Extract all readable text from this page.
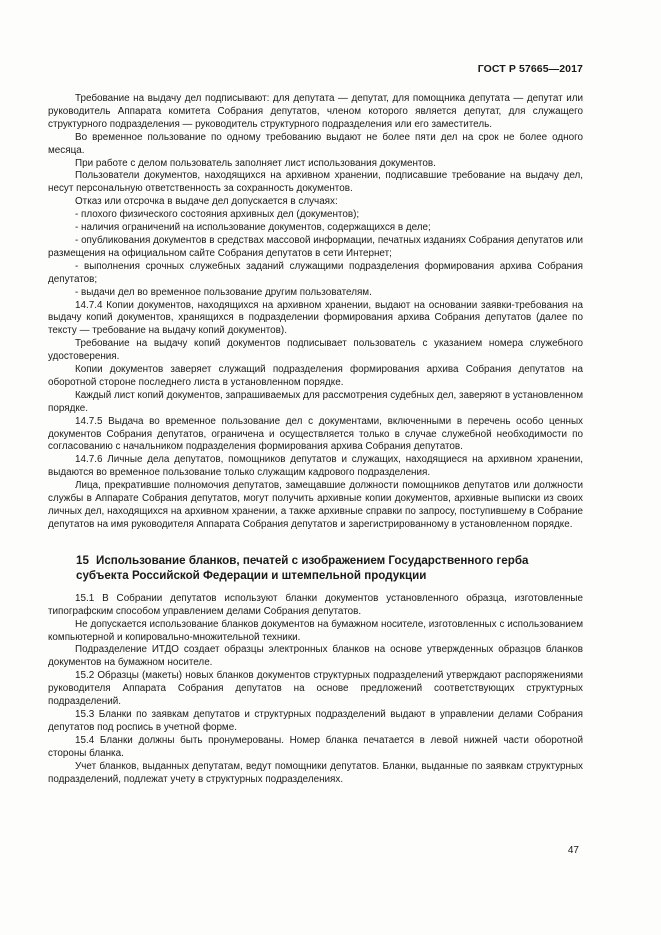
ГОСТ Р 57665—2017

Требование на выдачу дел подписывают: для депутата — депутат, для помощника депутата — депутат или руководитель Аппарата комитета Собрания депутатов, членом которого является депутат, для служащего структурного подразделения — руководитель структурного подразделения или его заместитель.

Во временное пользование по одному требованию выдают не более пяти дел на срок не более одного месяца.

При работе с делом пользователь заполняет лист использования документов.

Пользователи документов, находящихся на архивном хранении, подписавшие требование на выдачу дел, несут персональную ответственность за сохранность документов.

Отказ или отсрочка в выдаче дел допускается в случаях:

- плохого физического состояния архивных дел (документов);

- наличия ограничений на использование документов, содержащихся в деле;

- опубликования документов в средствах массовой информации, печатных изданиях Собрания депутатов или размещения на официальном сайте Собрания депутатов в сети Интернет;

- выполнения срочных служебных заданий служащими подразделения формирования архива Собрания депутатов;

- выдачи дел во временное пользование другим пользователям.

14.7.4 Копии документов, находящихся на архивном хранении, выдают на основании заявки-требования на выдачу копий документов, хранящихся в подразделении формирования архива Собрания депутатов (далее по тексту — требование на выдачу копий документов).

Требование на выдачу копий документов подписывает пользователь с указанием номера служебного удостоверения.

Копии документов заверяет служащий подразделения формирования архива Собрания депутатов на оборотной стороне последнего листа в установленном порядке.

Каждый лист копий документов, запрашиваемых для рассмотрения судебных дел, заверяют в установленном порядке.

14.7.5 Выдача во временное пользование дел с документами, включенными в перечень особо ценных документов Собрания депутатов, ограничена и осуществляется только в случае служебной необходимости по согласованию с начальником подразделения формирования архива Собрания депутатов.

14.7.6 Личные дела депутатов, помощников депутатов и служащих, находящиеся на архивном хранении, выдаются во временное пользование только служащим кадрового подразделения.

Лица, прекратившие полномочия депутатов, замещавшие должности помощников депутатов или должности службы в Аппарате Собрания депутатов, могут получить архивные копии документов, архивные выписки из своих личных дел, находящихся на архивном хранении, а также архивные справки по запросу, поступившему в Собрание депутатов на имя руководителя Аппарата Собрания депутатов и зарегистрированному в установленном порядке.

15 Использование бланков, печатей с изображением Государственного герба субъекта Российской Федерации и штемпельной продукции

15.1 В Собрании депутатов используют бланки документов установленного образца, изготовленные типографским способом управлением делами Собрания депутатов.

Не допускается использование бланков документов на бумажном носителе, изготовленных с использованием компьютерной и копировально-множительной техники.

Подразделение ИТДО создает образцы электронных бланков на основе утвержденных образцов бланков документов на бумажном носителе.

15.2 Образцы (макеты) новых бланков документов структурных подразделений утверждают распоряжениями руководителя Аппарата Собрания депутатов на основе предложений соответствующих структурных подразделений.

15.3 Бланки по заявкам депутатов и структурных подразделений выдают в управлении делами Собрания депутатов под роспись в учетной форме.

15.4 Бланки должны быть пронумерованы. Номер бланка печатается в левой нижней части оборотной стороны бланка.

Учет бланков, выданных депутатам, ведут помощники депутатов. Бланки, выданные по заявкам структурных подразделений, подлежат учету в структурных подразделениях.

47
